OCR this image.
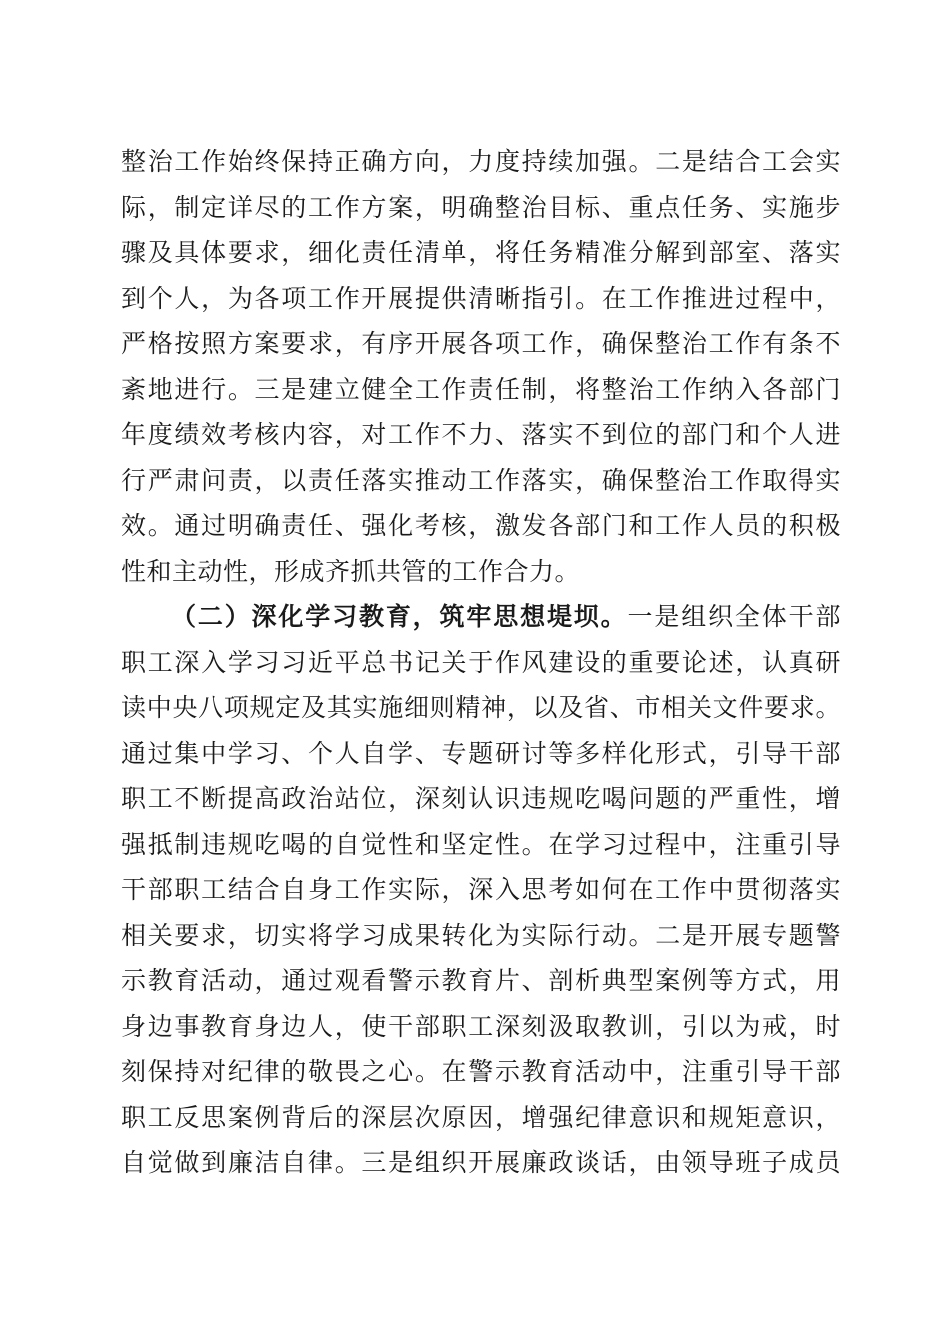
整治工作始终保持正确方向，力度持续加强。二是结合工会实
际，制定详尽的工作方案，明确整治目标、重点任务、实施步
骤及具体要求，细化责任清单，将任务精准分解到部室、落实
到个人，为各项工作开展提供清晰指引。在工作推进过程中，
严格按照方案要求，有序开展各项工作，确保整治工作有条不
紊地进行。三是建立健全工作责任制，将整治工作纳入各部门
年度绩效考核内容，对工作不力、落实不到位的部门和个人进
行严肃问责，以责任落实推动工作落实，确保整治工作取得实
效。通过明确责任、强化考核，激发各部门和工作人员的积极
性和主动性，形成齐抓共管的工作合力。
（二）深化学习教育，筑牢思想堤坝。一是组织全体干部
职工深入学习习近平总书记关于作风建设的重要论述，认真研
读中央八项规定及其实施细则精神，以及省、市相关文件要求。
通过集中学习、个人自学、专题研讨等多样化形式，引导干部
职工不断提高政治站位，深刻认识违规吃喝问题的严重性，增
强抵制违规吃喝的自觉性和坚定性。在学习过程中，注重引导
干部职工结合自身工作实际，深入思考如何在工作中贯彻落实
相关要求，切实将学习成果转化为实际行动。二是开展专题警
示教育活动，通过观看警示教育片、剖析典型案例等方式，用
身边事教育身边人，使干部职工深刻汲取教训，引以为戒，时
刻保持对纪律的敬畏之心。在警示教育活动中，注重引导干部
职工反思案例背后的深层次原因，增强纪律意识和规矩意识，
自觉做到廉洁自律。三是组织开展廉政谈话，由领导班子成员
